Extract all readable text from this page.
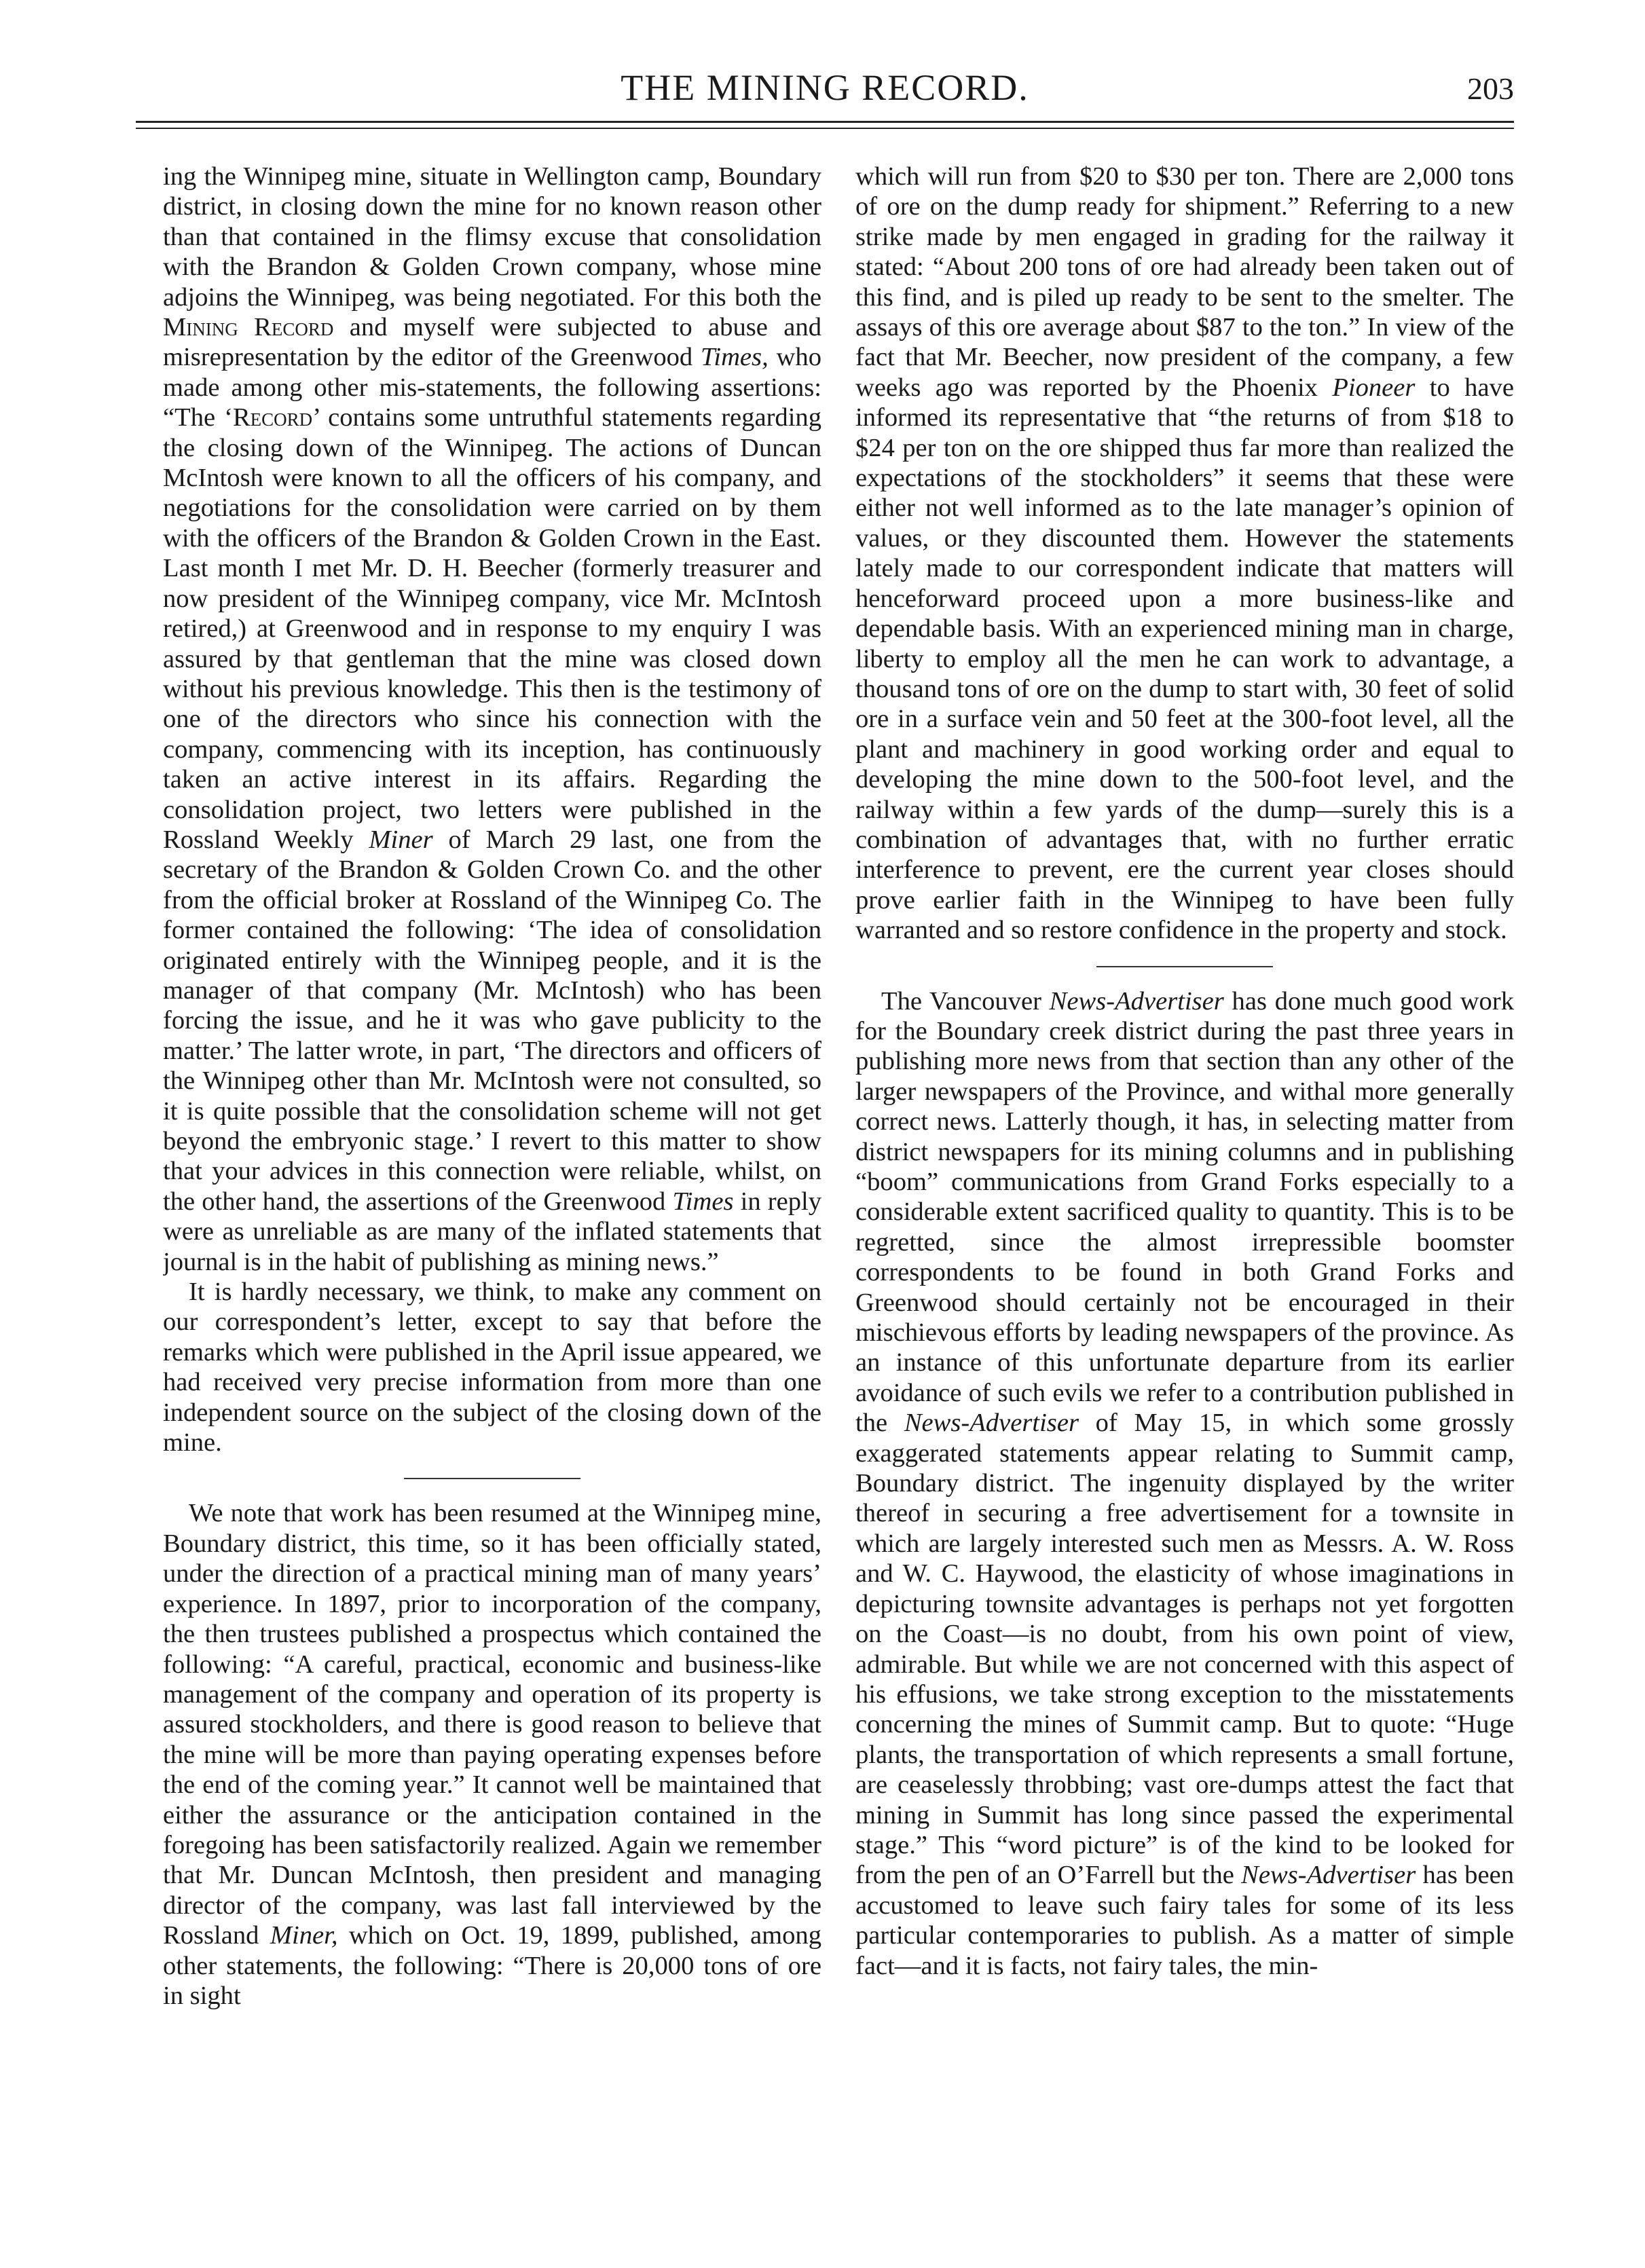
THE MINING RECORD.	203

ing the Winnipeg mine, situate in Wellington camp, Boundary district, in closing down the mine for no known reason other than that contained in the flimsy excuse that consolidation with the Brandon & Golden Crown company, whose mine adjoins the Winnipeg, was being negotiated. For this both the Mining Record and myself were subjected to abuse and misrepresentation by the editor of the Greenwood Times, who made among other mis-statements, the following assertions: “The ‘Record’ contains some untruthful statements regarding the closing down of the Winnipeg. The actions of Duncan McIntosh were known to all the officers of his company, and negotiations for the consolidation were carried on by them with the officers of the Brandon & Golden Crown in the East. Last month I met Mr. D. H. Beecher (formerly treasurer and now president of the Winnipeg company, vice Mr. McIntosh retired,) at Greenwood and in response to my enquiry I was assured by that gentleman that the mine was closed down without his previous knowledge. This then is the testimony of one of the directors who since his connection with the company, commencing with its inception, has continuously taken an active interest in its affairs. Regarding the consolidation project, two letters were published in the Rossland Weekly Miner of March 29 last, one from the secretary of the Brandon & Golden Crown Co. and the other from the official broker at Rossland of the Winnipeg Co. The former contained the following: ‘The idea of consolidation originated entirely with the Winnipeg people, and it is the manager of that company (Mr. McIntosh) who has been forcing the issue, and he it was who gave publicity to the matter.’ The latter wrote, in part, ‘The directors and officers of the Winnipeg other than Mr. McIntosh were not consulted, so it is quite possible that the consolidation scheme will not get beyond the embryonic stage.’ I revert to this matter to show that your advices in this connection were reliable, whilst, on the other hand, the assertions of the Greenwood Times in reply were as unreliable as are many of the inflated statements that journal is in the habit of publishing as mining news.”

It is hardly necessary, we think, to make any comment on our correspondent’s letter, except to say that before the remarks which were published in the April issue appeared, we had received very precise information from more than one independent source on the subject of the closing down of the mine.

We note that work has been resumed at the Winnipeg mine, Boundary district, this time, so it has been officially stated, under the direction of a practical mining man of many years’ experience. In 1897, prior to incorporation of the company, the then trustees published a prospectus which contained the following: “A careful, practical, economic and business-like management of the company and operation of its property is assured stockholders, and there is good reason to believe that the mine will be more than paying operating expenses before the end of the coming year.” It cannot well be maintained that either the assurance or the anticipation contained in the foregoing has been satisfactorily realized. Again we remember that Mr. Duncan McIntosh, then president and managing director of the company, was last fall interviewed by the Rossland Miner, which on Oct. 19, 1899, published, among other statements, the following: “There is 20,000 tons of ore in sight

which will run from $20 to $30 per ton. There are 2,000 tons of ore on the dump ready for shipment.” Referring to a new strike made by men engaged in grading for the railway it stated: “About 200 tons of ore had already been taken out of this find, and is piled up ready to be sent to the smelter. The assays of this ore average about $87 to the ton.” In view of the fact that Mr. Beecher, now president of the company, a few weeks ago was reported by the Phoenix Pioneer to have informed its representative that “the returns of from $18 to $24 per ton on the ore shipped thus far more than realized the expectations of the stockholders” it seems that these were either not well informed as to the late manager’s opinion of values, or they discounted them. However the statements lately made to our correspondent indicate that matters will henceforward proceed upon a more business-like and dependable basis. With an experienced mining man in charge, liberty to employ all the men he can work to advantage, a thousand tons of ore on the dump to start with, 30 feet of solid ore in a surface vein and 50 feet at the 300-foot level, all the plant and machinery in good working order and equal to developing the mine down to the 500-foot level, and the railway within a few yards of the dump—surely this is a combination of advantages that, with no further erratic interference to prevent, ere the current year closes should prove earlier faith in the Winnipeg to have been fully warranted and so restore confidence in the property and stock.

The Vancouver News-Advertiser has done much good work for the Boundary creek district during the past three years in publishing more news from that section than any other of the larger newspapers of the Province, and withal more generally correct news. Latterly though, it has, in selecting matter from district newspapers for its mining columns and in publishing “boom” communications from Grand Forks especially to a considerable extent sacrificed quality to quantity. This is to be regretted, since the almost irrepressible boomster correspondents to be found in both Grand Forks and Greenwood should certainly not be encouraged in their mischievous efforts by leading newspapers of the province. As an instance of this unfortunate departure from its earlier avoidance of such evils we refer to a contribution published in the News-Advertiser of May 15, in which some grossly exaggerated statements appear relating to Summit camp, Boundary district. The ingenuity displayed by the writer thereof in securing a free advertisement for a townsite in which are largely interested such men as Messrs. A. W. Ross and W. C. Haywood, the elasticity of whose imaginations in depicturing townsite advantages is perhaps not yet forgotten on the Coast—is no doubt, from his own point of view, admirable. But while we are not concerned with this aspect of his effusions, we take strong exception to the misstatements concerning the mines of Summit camp. But to quote: “Huge plants, the transportation of which represents a small fortune, are ceaselessly throbbing; vast ore-dumps attest the fact that mining in Summit has long since passed the experimental stage.” This “word picture” is of the kind to be looked for from the pen of an O’Farrell but the News-Advertiser has been accustomed to leave such fairy tales for some of its less particular contemporaries to publish. As a matter of simple fact—and it is facts, not fairy tales, the min-
